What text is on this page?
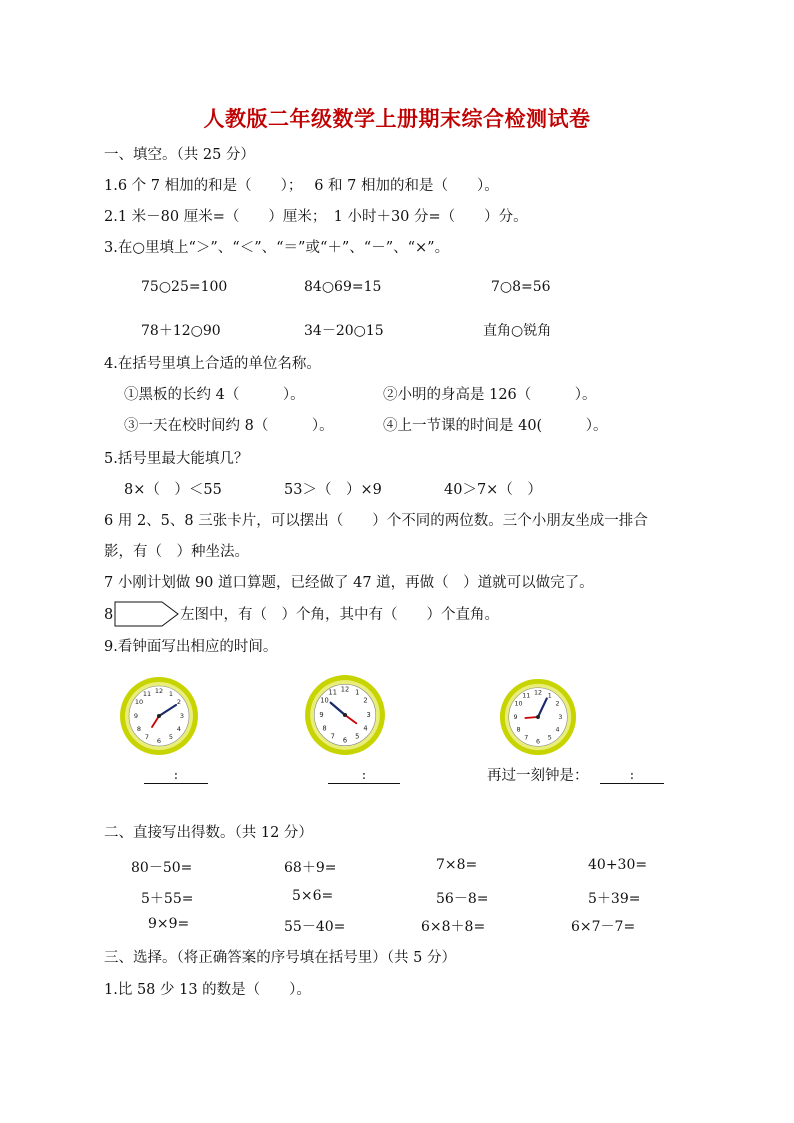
人教版二年级数学上册期末综合检测试卷
一、填空。（共 25 分）
1.6 个 7 相加的和是（　　）；　 6 和 7 相加的和是（　　）。
2.1 米－80 厘米=（　　）厘米；　1 小时＋30 分=（　　）分。
3.在○里填上“＞”、“＜”、“＝”或“＋”、“－”、“×”。
75○25=100	84○69=15	7○8=56
78＋12○90	34－20○15	直角○锐角
4.在括号里填上合适的单位名称。
①黑板的长约 4（　　　）。	②小明的身高是 126（　　　）。
③一天在校时间约 8（　　　）。	④上一节课的时间是 40(　　　）。
5.括号里最大能填几？
8×（　）＜55	53＞（　）×9	40＞7×（　）
6 用 2、5、8 三张卡片，可以摆出（　　）个不同的两位数。三个小朋友坐成一排合
影，有（　）种坐法。
7 小刚计划做 90 道口算题，已经做了 47 道，再做（　）道就可以做完了。
8	左图中，有（　）个角，其中有（　　）个直角。
9.看钟面写出相应的时间。
12 1
2
3
4
5
6
7
8
9
10
11
12 1
2
3
4
5
6
7
8
9
10
11	12 1
2
3
4
5
6
7
8
9
10
11
:	:	再过一刻钟是：	:
二、直接写出得数。（共 12 分）
80－50=	68＋9=	7×8=	40+30=
5＋55=	5×6=	56－8=	5＋39=
9×9=	55－40=	6×8＋8=	6×7－7=
三、选择。（将正确答案的序号填在括号里）（共 5 分）
1.比 58 少 13 的数是（　　）。
